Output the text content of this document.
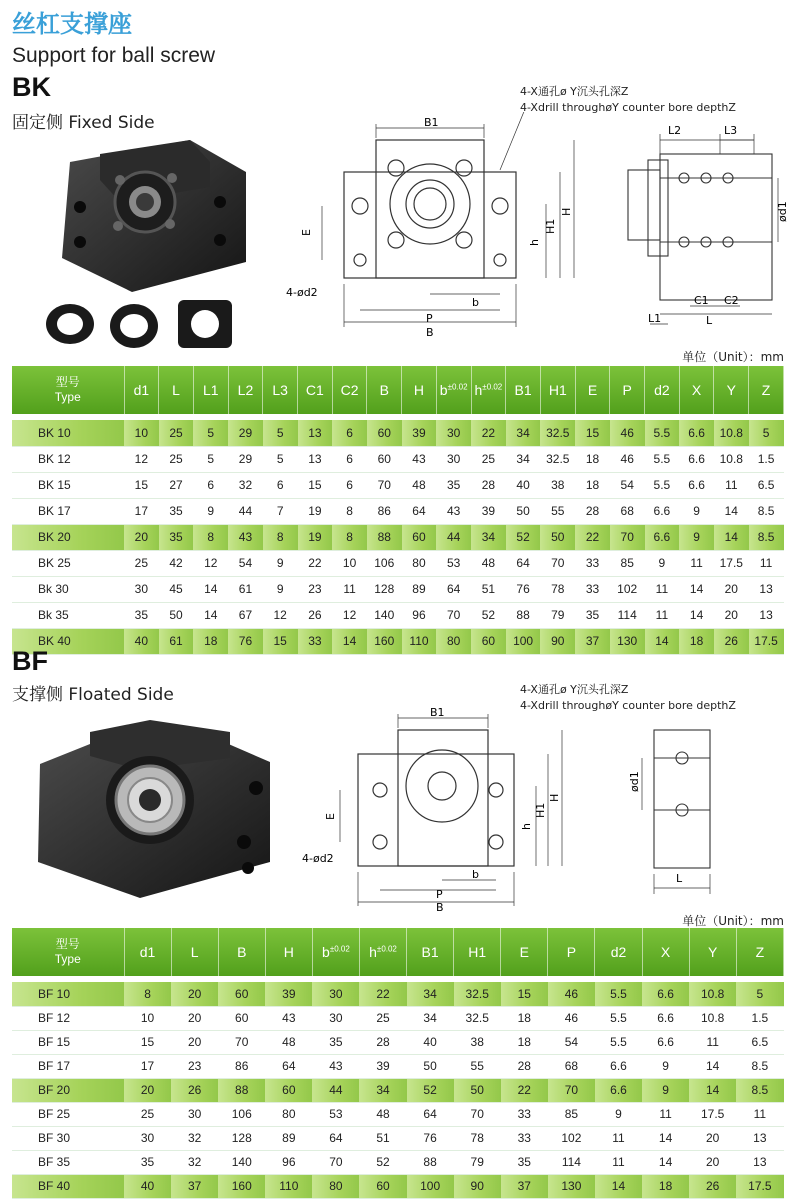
丝杠支撑座
Support for ball screw
BK
固定侧 Fixed Side	B1
E
h
H1
H
4-ød2
b
P
B
4-X通孔ø Y沉头孔深Z
4-Xdrill throughøY counter bore depthZ
L2	L3
ød1
C1 C2
L1	L
单位（Unit）：mm
型号
Type	d1	L	L1	L2	L3	C1	C2	B	H	$b^{\pm 0.02}$	$h^{\pm 0.02}$	B1	H1	E	P	d2	X	Y	Z

BK 10	10	25	5	29	5	13	6	60	39	30	22	34	32.5	15	46	5.5	6.6	10.8	5
BK 12	12	25	5	29	5	13	6	60	43	30	25	34	32.5	18	46	5.5	6.6	10.8	1.5
BK 15	15	27	6	32	6	15	6	70	48	35	28	40	38	18	54	5.5	6.6	11	6.5
BK 17	17	35	9	44	7	19	8	86	64	43	39	50	55	28	68	6.6	9	14	8.5
BK 20	20	35	8	43	8	19	8	88	60	44	34	52	50	22	70	6.6	9	14	8.5
BK 25	25	42	12	54	9	22	10	106	80	53	48	64	70	33	85	9	11	17.5	11
Bk 30	30	45	14	61	9	23	11	128	89	64	51	76	78	33	102	11	14	20	13
Bk 35	35	50	14	67	12	26	12	140	96	70	52	88	79	35	114	11	14	20	13
BK 40	40	61	18	76	15	33	14	160	110	80	60	100	90	37	130	14	18	26	17.5
BF
支撑侧 Floated Side
B1
E
h
H1
H
4-ød2
b
P
B
4-X通孔ø Y沉头孔深Z
4-Xdrill throughøY counter bore depthZ
ød1
L
单位（Unit）：mm
型号
Type	d1	L	B	H	$b^{\pm 0.02}$	$h^{\pm 0.02}$	B1	H1	E	P	d2	X	Y	Z

BF 10	8	20	60	39	30	22	34	32.5	15	46	5.5	6.6	10.8	5
BF 12	10	20	60	43	30	25	34	32.5	18	46	5.5	6.6	10.8	1.5
BF 15	15	20	70	48	35	28	40	38	18	54	5.5	6.6	11	6.5
BF 17	17	23	86	64	43	39	50	55	28	68	6.6	9	14	8.5
BF 20	20	26	88	60	44	34	52	50	22	70	6.6	9	14	8.5
BF 25	25	30	106	80	53	48	64	70	33	85	9	11	17.5	11
BF 30	30	32	128	89	64	51	76	78	33	102	11	14	20	13
BF 35	35	32	140	96	70	52	88	79	35	114	11	14	20	13
BF 40	40	37	160	110	80	60	100	90	37	130	14	18	26	17.5
